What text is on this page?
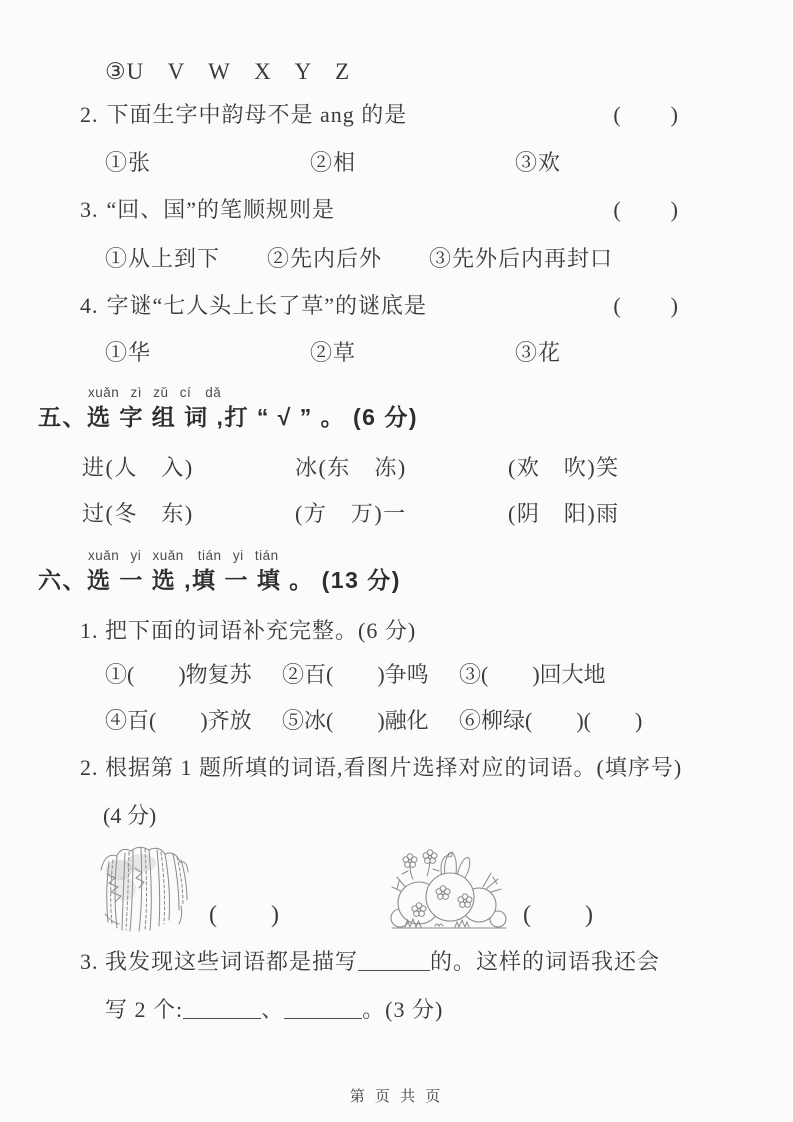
③U V W X Y Z
2. 下面生字中韵母不是 ang 的是	(　　)
①张	②相	③欢
3. “回、国”的笔顺规则是	(　　)
①从上到下	②先内后外	③先外后内再封口
4. 字谜“七人头上长了草”的谜底是	(　　)
①华	②草	③花
xuǎn zì zǔ cí　dǎ
五、选 字 组 词 ,打 “ √ ” 。 (6 分)
进(人　入)	冰(东　冻)	(欢　吹)笑
过(冬　东)	(方　万)一	(阴　阳)雨
xuǎn yi xuǎn　tián yi tián
六、选 一 选 ,填 一 填 。 (13 分)
1. 把下面的词语补充完整。(6 分)
①(　　)物复苏	②百(　　)争鸣	③(　　)回大地
④百(　　)齐放	⑤冰(　　)融化	⑥柳绿(　　)(　　)
2. 根据第 1 题所填的词语,看图片选择对应的词语。(填序号)
(4 分)
(　　)	(　　)
3. 我发现这些词语都是描写	的。这样的词语我还会
写 2 个:	、	。(3 分)
第 页 共 页
